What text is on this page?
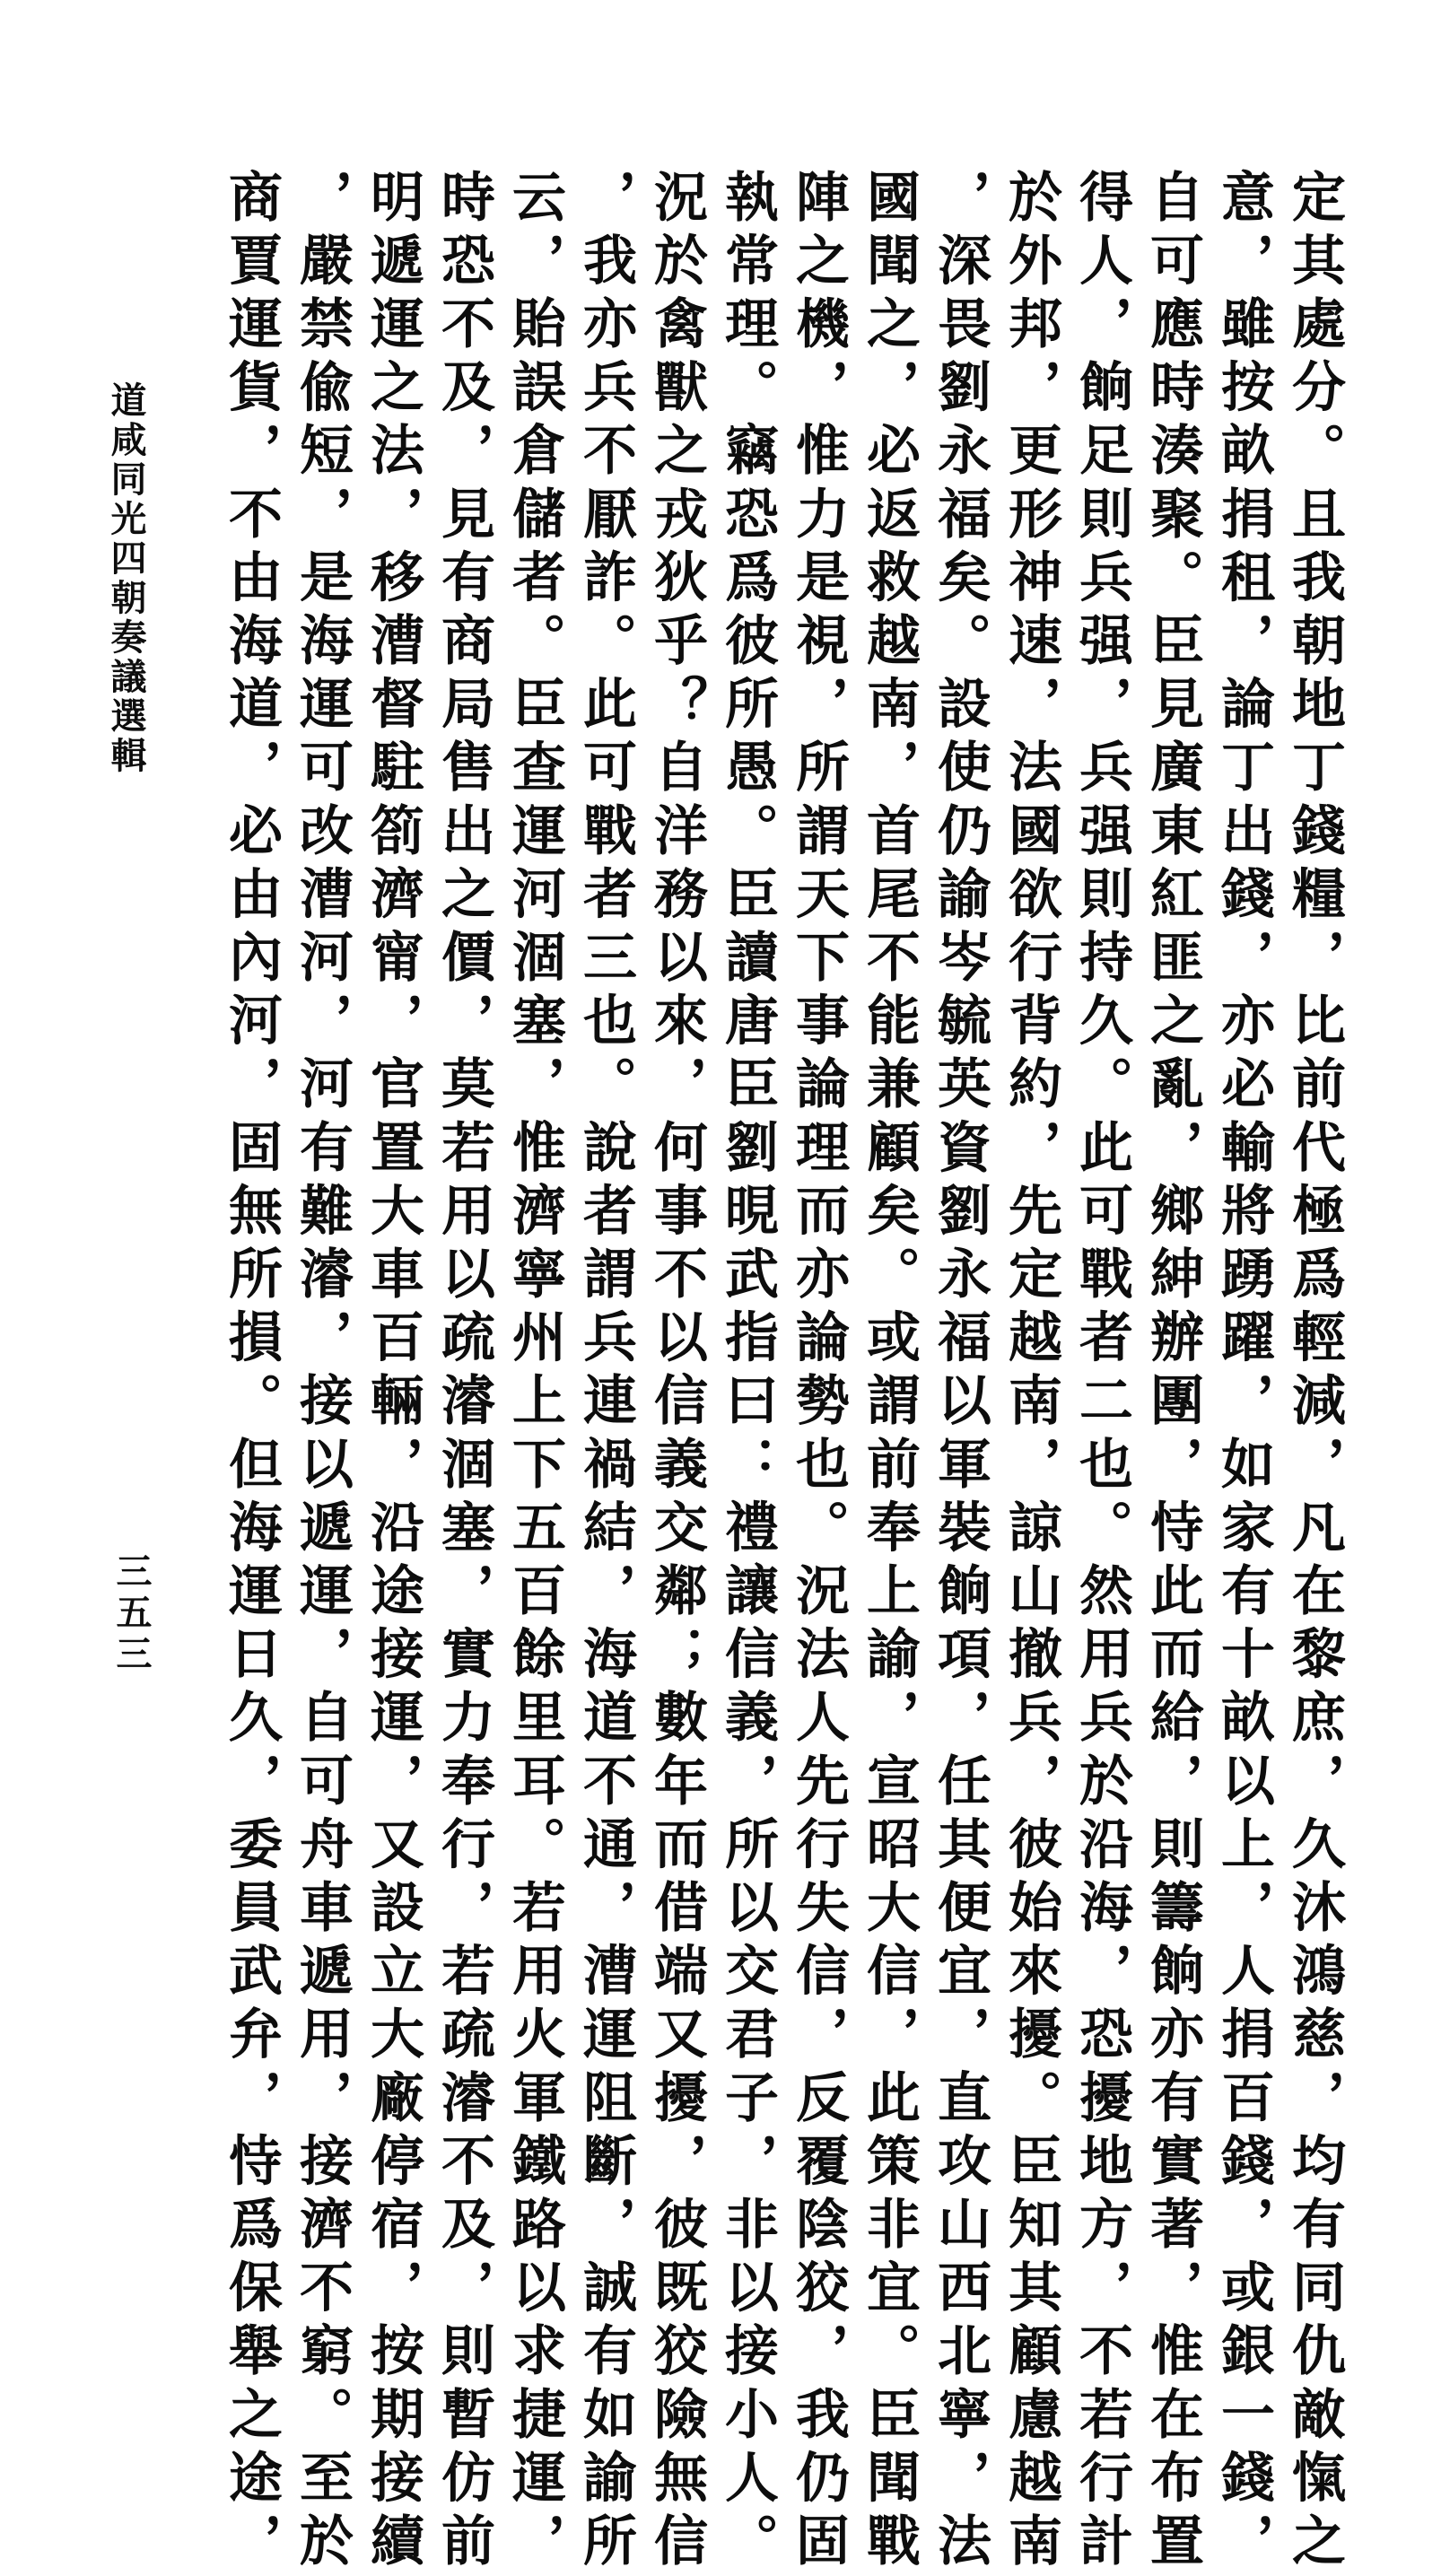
定其處分。且我朝地丁錢糧，比前代極爲輕減，凡在黎庶，久沐鴻慈，均有同仇敵愾之
意，雖按畝捐租，論丁出錢，亦必輸將踴躍，如家有十畝以上，人捐百錢，或銀一錢，
自可應時湊聚。臣見廣東紅匪之亂，鄉紳辦團，恃此而給，則籌餉亦有實著，惟在布置
得人，餉足則兵强，兵强則持久。此可戰者二也。然用兵於沿海，恐擾地方，不若行計
於外邦，更形神速，法國欲行背約，先定越南，諒山撤兵，彼始來擾。臣知其顧慮越南
，深畏劉永福矣。設使仍諭岑毓英資劉永福以軍裝餉項，任其便宜，直攻山西北寧，法
國聞之，必返救越南，首尾不能兼顧矣。或謂前奉上諭，宣昭大信，此策非宜。臣聞戰
陣之機，惟力是視，所謂天下事論理而亦論勢也。況法人先行失信，反覆陰狡，我仍固
執常理。竊恐爲彼所愚。臣讀唐臣劉晛武指曰：禮讓信義，所以交君子，非以接小人。
況於禽獸之戎狄乎？自洋務以來，何事不以信義交鄰；數年而借端又擾，彼既狡險無信
，我亦兵不厭詐。此可戰者三也。說者謂兵連禍結，海道不通，漕運阻斷，誠有如諭所
云，貽誤倉儲者。臣查運河涸塞，惟濟寧州上下五百餘里耳。若用火軍鐵路以求捷運，
時恐不及，見有商局售出之價，莫若用以疏濬涸塞，實力奉行，若疏濬不及，則暫仿前
明遞運之法，移漕督駐箚濟甯，官置大車百輛，沿途接運，又設立大廠停宿，按期接續
，嚴禁偸短，是海運可改漕河，河有難濬，接以遞運，自可舟車遞用，接濟不窮。至於
商賈運貨，不由海道，必由內河，固無所損。但海運日久，委員武弁，恃爲保舉之途，
道咸同光四朝奏議選輯
三五三
